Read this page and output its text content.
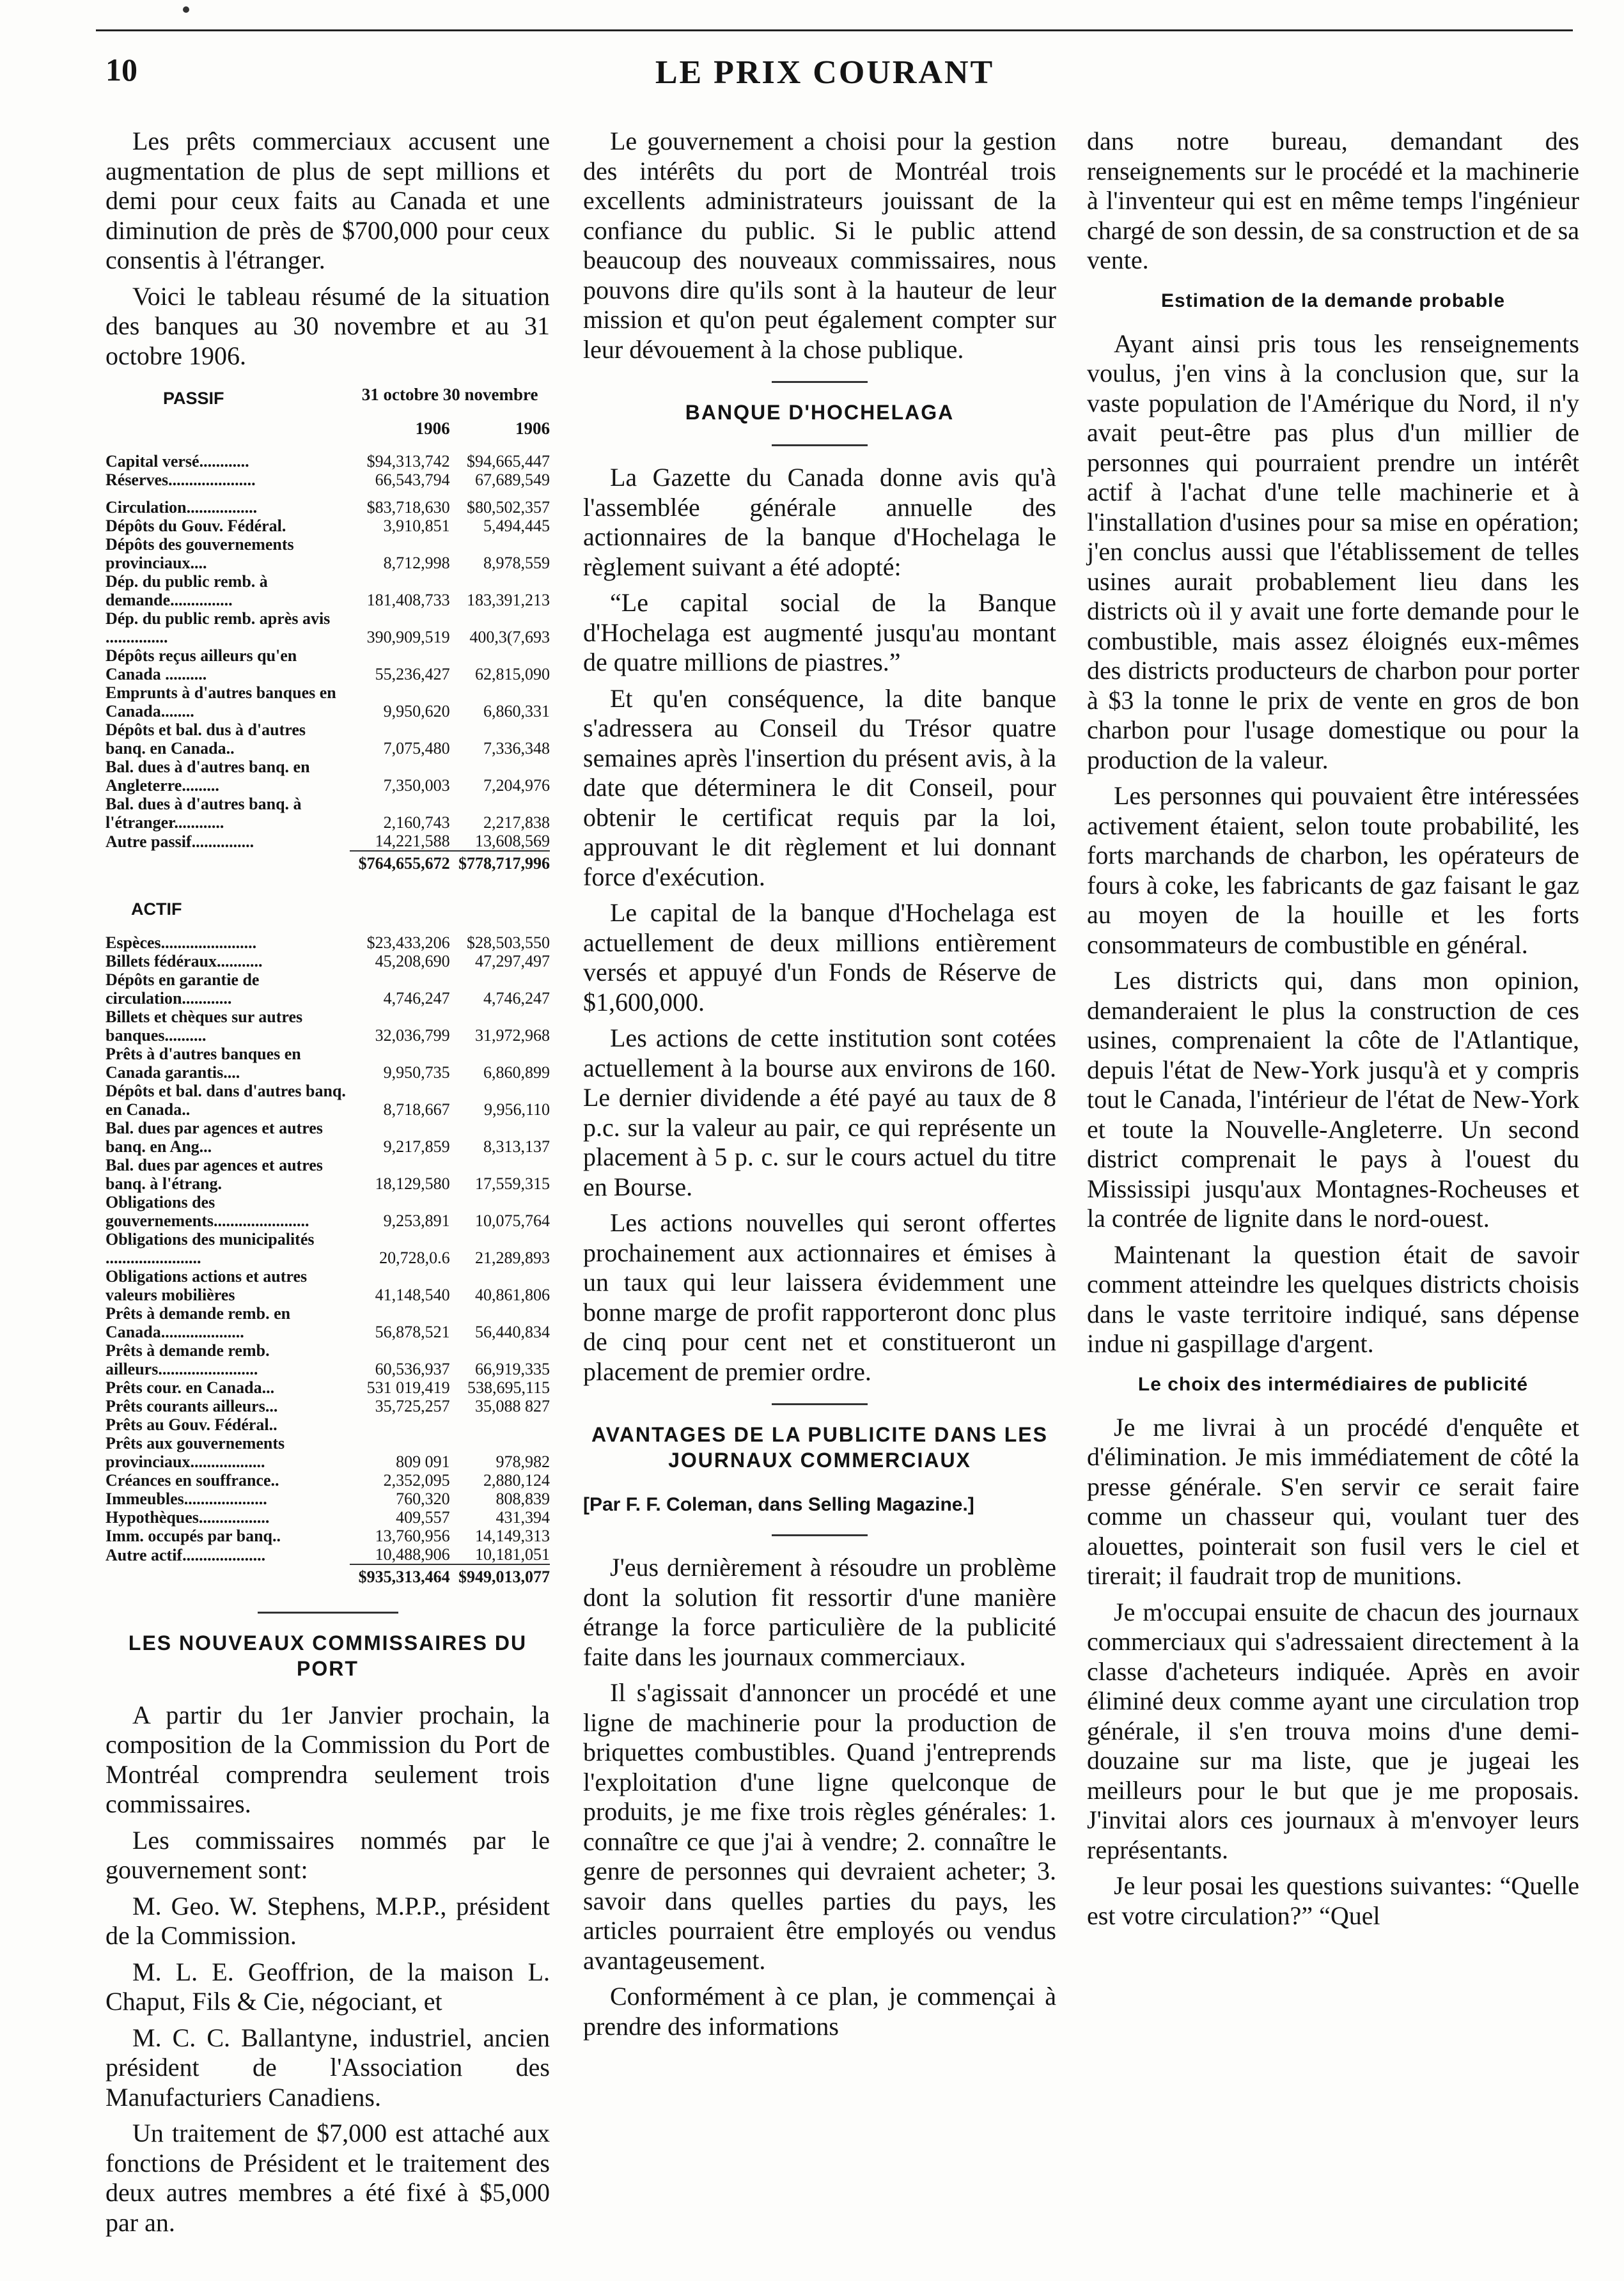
10	LE PRIX COURANT

Les prêts commerciaux accusent une augmentation de plus de sept millions et demi pour ceux faits au Canada et une diminution de près de $700,000 pour ceux consentis à l'étranger.

Voici le tableau résumé de la situation des banques au 30 novembre et au 31 octobre 1906.

PASSIF	31 octobre 30 novembre
1906	1906
Capital versé............	$94,313,742	$94,665,447
Réserves.....................	66,543,794	67,689,549

Circulation.................	$83,718,630	$80,502,357
Dépôts du Gouv. Fédéral.	3,910,851	5,494,445
Dépôts des gouvernements provinciaux....	8,712,998	8,978,559
Dép. du public remb. à demande...............	181,408,733	183,391,213
Dép. du public remb. après avis ...............	390,909,519	400,3(7,693
Dépôts reçus ailleurs qu'en Canada ..........	55,236,427	62,815,090
Emprunts à d'autres banques en Canada........	9,950,620	6,860,331
Dépôts et bal. dus à d'autres banq. en Canada..	7,075,480	7,336,348
Bal. dues à d'autres banq. en Angleterre.........	7,350,003	7,204,976
Bal. dues à d'autres banq. à l'étranger............	2,160,743	2,217,838
Autre passif...............	14,221,588	13,608,569
	$764,655,672	$778,717,996
ACTIF
Espèces.......................	$23,433,206	$28,503,550
Billets fédéraux...........	45,208,690	47,297,497
Dépôts en garantie de circulation............	4,746,247	4,746,247
Billets et chèques sur autres banques..........	32,036,799	31,972,968
Prêts à d'autres banques en Canada garantis....	9,950,735	6,860,899
Dépôts et bal. dans d'autres banq. en Canada..	8,718,667	9,956,110
Bal. dues par agences et autres banq. en Ang...	9,217,859	8,313,137
Bal. dues par agences et autres banq. à l'étrang.	18,129,580	17,559,315
Obligations des gouvernements.......................	9,253,891	10,075,764
Obligations des municipalités .......................	20,728,0.6	21,289,893
Obligations actions et autres valeurs mobilières	41,148,540	40,861,806
Prêts à demande remb. en Canada....................	56,878,521	56,440,834
Prêts à demande remb. ailleurs........................	60,536,937	66,919,335
Prêts cour. en Canada...	531 019,419	538,695,115
Prêts courants ailleurs...	35,725,257	35,088 827
Prêts au Gouv. Fédéral..		
Prêts aux gouvernements provinciaux..................	809 091	978,982
Créances en souffrance..	2,352,095	2,880,124
Immeubles....................	760,320	808,839
Hypothèques.................	409,557	431,394
Imm. occupés par banq..	13,760,956	14,149,313
Autre actif....................	10,488,906	10,181,051
	$935,313,464	$949,013,077
LES NOUVEAUX COMMISSAIRES DU PORT

A partir du 1er Janvier prochain, la composition de la Commission du Port de Montréal comprendra seulement trois commissaires.

Les commissaires nommés par le gouvernement sont:

M. Geo. W. Stephens, M.P.P., président de la Commission.

M. L. E. Geoffrion, de la maison L. Chaput, Fils & Cie, négociant, et

M. C. C. Ballantyne, industriel, ancien président de l'Association des Manufacturiers Canadiens.

Un traitement de $7,000 est attaché aux fonctions de Président et le traitement des deux autres membres a été fixé à $5,000 par an.

Le gouvernement a choisi pour la gestion des intérêts du port de Montréal trois excellents administrateurs jouissant de la confiance du public. Si le public attend beaucoup des nouveaux commissaires, nous pouvons dire qu'ils sont à la hauteur de leur mission et qu'on peut également compter sur leur dévouement à la chose publique.

BANQUE D'HOCHELAGA

La Gazette du Canada donne avis qu'à l'assemblée générale annuelle des actionnaires de la banque d'Hochelaga le règlement suivant a été adopté:

“Le capital social de la Banque d'Hochelaga est augmenté jusqu'au montant de quatre millions de piastres.”

Et qu'en conséquence, la dite banque s'adressera au Conseil du Trésor quatre semaines après l'insertion du présent avis, à la date que déterminera le dit Conseil, pour obtenir le certificat requis par la loi, approuvant le dit règlement et lui donnant force d'exécution.

Le capital de la banque d'Hochelaga est actuellement de deux millions entièrement versés et appuyé d'un Fonds de Réserve de $1,600,000.

Les actions de cette institution sont cotées actuellement à la bourse aux environs de 160. Le dernier dividende a été payé au taux de 8 p.c. sur la valeur au pair, ce qui représente un placement à 5 p. c. sur le cours actuel du titre en Bourse.

Les actions nouvelles qui seront offertes prochainement aux actionnaires et émises à un taux qui leur laissera évidemment une bonne marge de profit rapporteront donc plus de cinq pour cent net et constitueront un placement de premier ordre.

AVANTAGES DE LA PUBLICITE DANS LES JOURNAUX COMMERCIAUX
[Par F. F. Coleman, dans Selling Magazine.]

J'eus dernièrement à résoudre un problème dont la solution fit ressortir d'une manière étrange la force particulière de la publicité faite dans les journaux commerciaux.

Il s'agissait d'annoncer un procédé et une ligne de machinerie pour la production de briquettes combustibles. Quand j'entreprends l'exploitation d'une ligne quelconque de produits, je me fixe trois règles générales: 1. connaître ce que j'ai à vendre; 2. connaître le genre de personnes qui devraient acheter; 3. savoir dans quelles parties du pays, les articles pourraient être employés ou vendus avantageusement.

Conformément à ce plan, je commençai à prendre des informations

dans notre bureau, demandant des renseignements sur le procédé et la machinerie à l'inventeur qui est en même temps l'ingénieur chargé de son dessin, de sa construction et de sa vente.

Estimation de la demande probable

Ayant ainsi pris tous les renseignements voulus, j'en vins à la conclusion que, sur la vaste population de l'Amérique du Nord, il n'y avait peut-être pas plus d'un millier de personnes qui pourraient prendre un intérêt actif à l'achat d'une telle machinerie et à l'installation d'usines pour sa mise en opération; j'en conclus aussi que l'établissement de telles usines aurait probablement lieu dans les districts où il y avait une forte demande pour le combustible, mais assez éloignés eux-mêmes des districts producteurs de charbon pour porter à $3 la tonne le prix de vente en gros de bon charbon pour l'usage domestique ou pour la production de la valeur.

Les personnes qui pouvaient être intéressées activement étaient, selon toute probabilité, les forts marchands de charbon, les opérateurs de fours à coke, les fabricants de gaz faisant le gaz au moyen de la houille et les forts consommateurs de combustible en général.

Les districts qui, dans mon opinion, demanderaient le plus la construction de ces usines, comprenaient la côte de l'Atlantique, depuis l'état de New-York jusqu'à et y compris tout le Canada, l'intérieur de l'état de New-York et toute la Nouvelle-Angleterre. Un second district comprenait le pays à l'ouest du Mississipi jusqu'aux Montagnes-Rocheuses et la contrée de lignite dans le nord-ouest.

Maintenant la question était de savoir comment atteindre les quelques districts choisis dans le vaste territoire indiqué, sans dépense indue ni gaspillage d'argent.

Le choix des intermédiaires de publicité

Je me livrai à un procédé d'enquête et d'élimination. Je mis immédiatement de côté la presse générale. S'en servir ce serait faire comme un chasseur qui, voulant tuer des alouettes, pointerait son fusil vers le ciel et tirerait; il faudrait trop de munitions.

Je m'occupai ensuite de chacun des journaux commerciaux qui s'adressaient directement à la classe d'acheteurs indiquée. Après en avoir éliminé deux comme ayant une circulation trop générale, il s'en trouva moins d'une demi-douzaine sur ma liste, que je jugeai les meilleurs pour le but que je me proposais. J'invitai alors ces journaux à m'envoyer leurs représentants.

Je leur posai les questions suivantes: “Quelle est votre circulation?” “Quel
